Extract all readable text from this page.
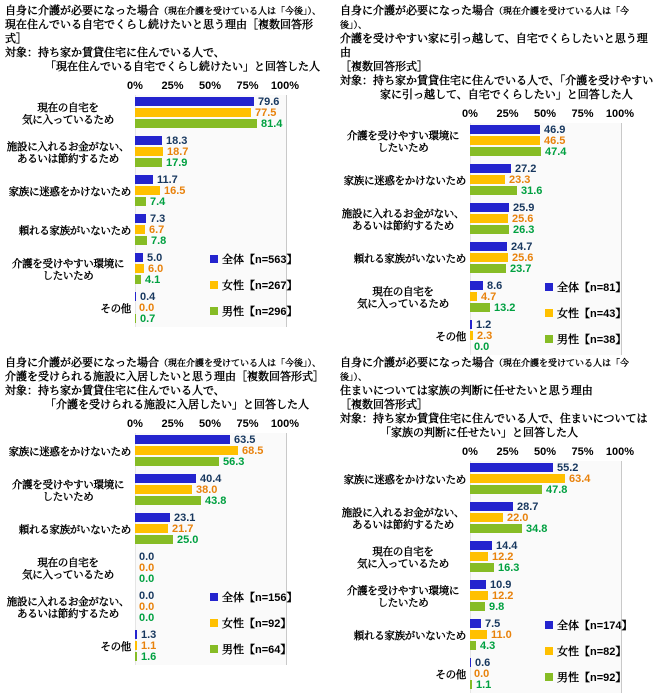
自身に介護が必要になった場合（現在介護を受けている人は「今後」）、
現在住んでいる自宅でくらし続けたいと思う理由［複数回答形式］
対象：持ち家か賃貸住宅に住んでいる人で、
「現在住んでいる自宅でくらし続けたい」と回答した人
0%	25%	50%	75%	100%
現在の自宅を
気に入っているため
79.6
77.5
81.4
施設に入れるお金がない、
あるいは節約するため
18.3
18.7
17.9
家族に迷惑をかけないため
11.7
16.5
7.4
頼れる家族がいないため
7.3
6.7
7.8
介護を受けやすい環境に
したいため
5.0
6.0
4.1
その他
0.4
0.0
0.7
全体【n=563】
女性【n=267】
男性【n=296】
自身に介護が必要になった場合（現在介護を受けている人は「今後」）、
介護を受けやすい家に引っ越して、自宅でくらしたいと思う理由
［複数回答形式］
対象：持ち家か賃貸住宅に住んでいる人で、「介護を受けやすい
家に引っ越して、自宅でくらしたい」と回答した人
0%	25%	50%	75%	100%
介護を受けやすい環境に
したいため
46.9
46.5
47.4
家族に迷惑をかけないため
27.2
23.3
31.6
施設に入れるお金がない、
あるいは節約するため
25.9
25.6
26.3
頼れる家族がいないため
24.7
25.6
23.7
現在の自宅を
気に入っているため
8.6
4.7
13.2
その他
1.2
2.3
0.0
全体【n=81】
女性【n=43】
男性【n=38】
自身に介護が必要になった場合（現在介護を受けている人は「今後」）、
介護を受けられる施設に入居したいと思う理由［複数回答形式］
対象：持ち家か賃貸住宅に住んでいる人で、
「介護を受けられる施設に入居したい」と回答した人
0%	25%	50%	75%	100%
家族に迷惑をかけないため
63.5
68.5
56.3
介護を受けやすい環境に
したいため
40.4
38.0
43.8
頼れる家族がいないため
23.1
21.7
25.0
現在の自宅を
気に入っているため
0.0
0.0
0.0
施設に入れるお金がない、
あるいは節約するため
0.0
0.0
0.0
その他
1.3
1.1
1.6
全体【n=156】
女性【n=92】
男性【n=64】
自身に介護が必要になった場合（現在介護を受けている人は「今後」）、
住まいについては家族の判断に任せたいと思う理由
［複数回答形式］
対象：持ち家か賃貸住宅に住んでいる人で、住まいについては
「家族の判断に任せたい」と回答した人
0%	25%	50%	75%	100%
家族に迷惑をかけないため
55.2
63.4
47.8
施設に入れるお金がない、
あるいは節約するため
28.7
22.0
34.8
現在の自宅を
気に入っているため
14.4
12.2
16.3
介護を受けやすい環境に
したいため
10.9
12.2
9.8
頼れる家族がいないため
7.5
11.0
4.3
その他
0.6
0.0
1.1
全体【n=174】
女性【n=82】
男性【n=92】
